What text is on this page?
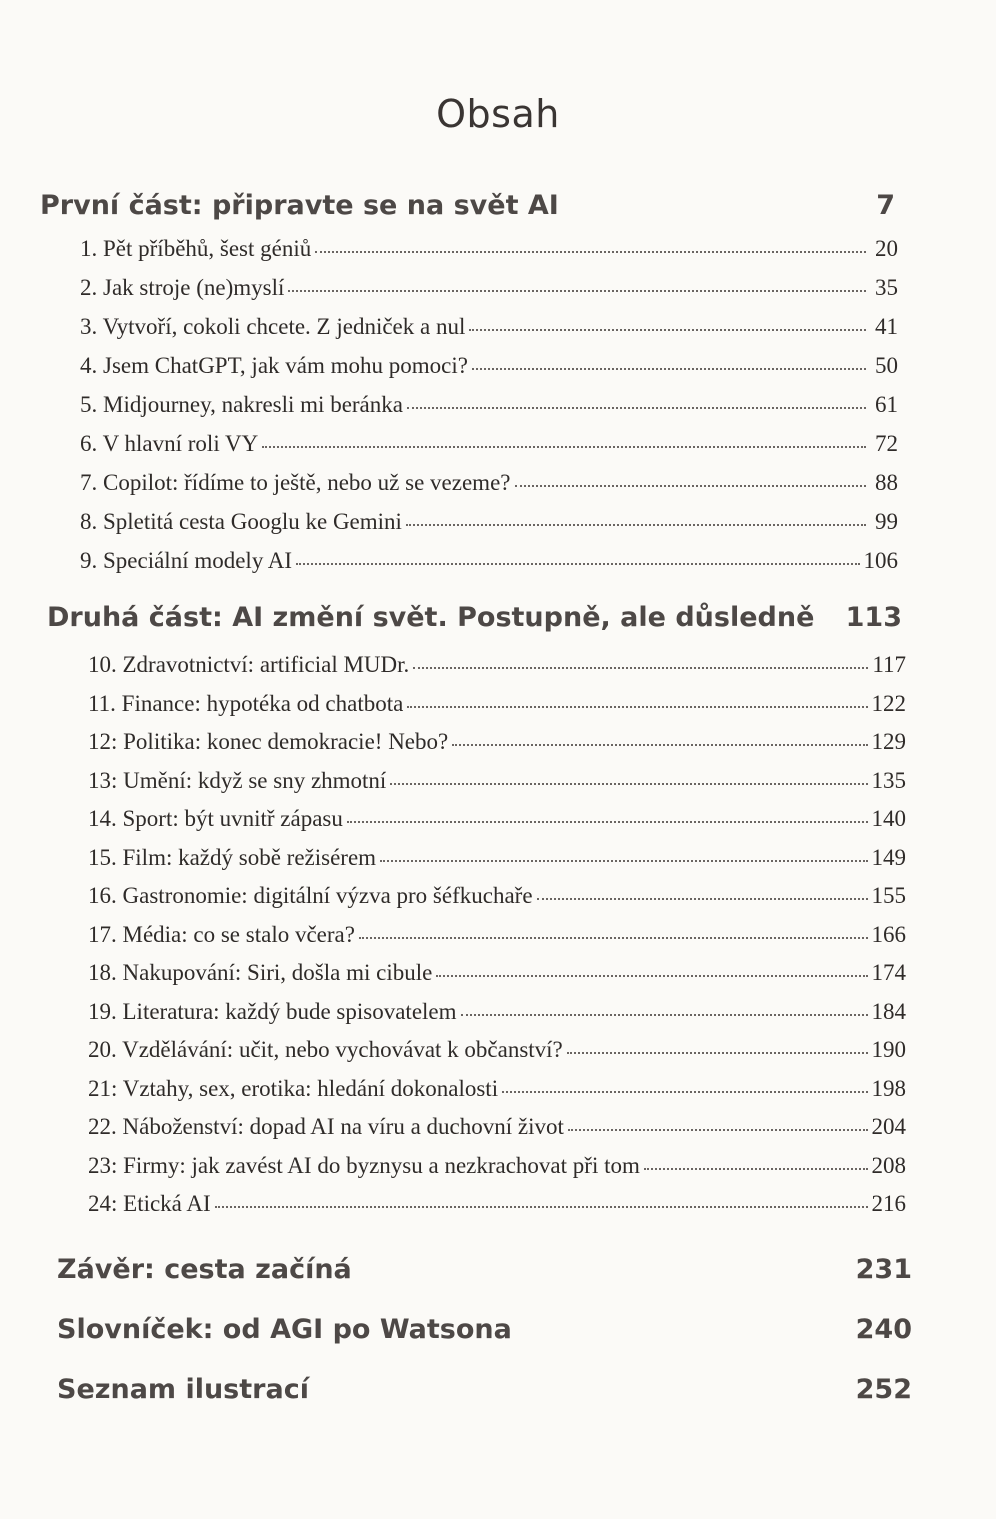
Obsah
První část: připravte se na svět AI	7
Druhá část: AI změní svět. Postupně, ale důsledně	113
Závěr: cesta začíná	231
Slovníček: od AGI po Watsona	240
Seznam ilustrací	252
1. Pět příběhů, šest géniů	20
2. Jak stroje (ne)myslí	35
3. Vytvoří, cokoli chcete. Z jedniček a nul	41
4. Jsem ChatGPT, jak vám mohu pomoci?	50
5. Midjourney, nakresli mi beránka	61
6. V hlavní roli VY	72
7. Copilot: řídíme to ještě, nebo už se vezeme?	88
8. Spletitá cesta Googlu ke Gemini	99
9. Speciální modely AI	106
10. Zdravotnictví: artificial MUDr.	117
11. Finance: hypotéka od chatbota	122
12: Politika: konec demokracie! Nebo?	129
13: Umění: když se sny zhmotní	135
14. Sport: být uvnitř zápasu	140
15. Film: každý sobě režisérem	149
16. Gastronomie: digitální výzva pro šéfkuchaře	155
17. Média: co se stalo včera?	166
18. Nakupování: Siri, došla mi cibule	174
19. Literatura: každý bude spisovatelem	184
20. Vzdělávání: učit, nebo vychovávat k občanství?	190
21: Vztahy, sex, erotika: hledání dokonalosti	198
22. Náboženství: dopad AI na víru a duchovní život	204
23: Firmy: jak zavést AI do byznysu a nezkrachovat při tom	208
24: Etická AI	216
